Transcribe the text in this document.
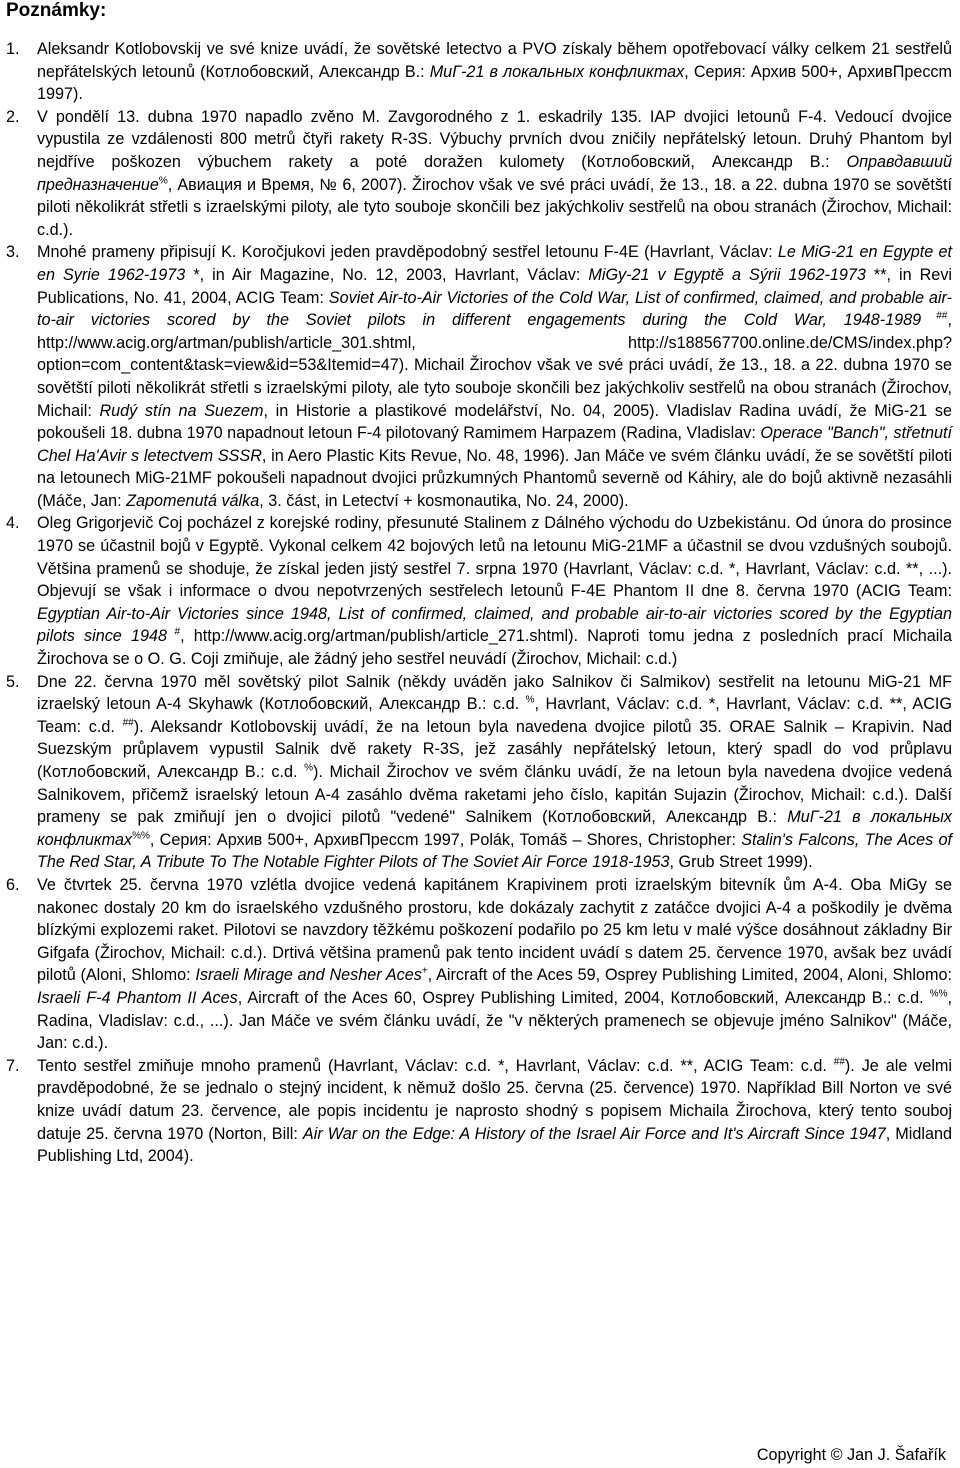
Poznámky:
1. Aleksandr Kotlobovskij ve své knize uvádí, že sovětské letectvo a PVO získaly během opotřebovací války celkem 21 sestřelů nepřátelských letounů (Котлобовский, Александр В.: МиГ-21 в локальных конфликтах, Серия: Архив 500+, АрхивПрессm 1997).
2. V pondělí 13. dubna 1970 napadlo zvěno M. Zavgorodného z 1. eskadrily 135. IAP dvojici letounů F-4. Vedoucí dvojice vypustila ze vzdálenosti 800 metrů čtyři rakety R-3S. Výbuchy prvních dvou zničily nepřátelský letoun. Druhý Phantom byl nejdříve poškozen výbuchem rakety a poté doražen kulomety (Котлобовский, Александр В.: Оправдавший предназначение%, Авиация и Время, № 6, 2007). Žirochov však ve své práci uvádí, že 13., 18. a 22. dubna 1970 se sovětští piloti několikrát střetli s izraelskými piloty, ale tyto souboje skončili bez jakýchkoliv sestřelů na obou stranách (Žirochov, Michail: c.d.).
3. Mnohé prameny připisují K. Koročjukovi jeden pravděpodobný sestřel letounu F-4E (Havrlant, Václav: Le MiG-21 en Egypte et en Syrie 1962-1973 *, in Air Magazine, No. 12, 2003, Havrlant, Václav: MiGy-21 v Egyptě a Sýrii 1962-1973 **, in Revi Publications, No. 41, 2004, ACIG Team: Soviet Air-to-Air Victories of the Cold War, List of confirmed, claimed, and probable air-to-air victories scored by the Soviet pilots in different engagements during the Cold War, 1948-1989 ##, http://www.acig.org/artman/publish/article_301.shtml, http://s188567700.online.de/CMS/index.php?option=com_content&task=view&id=53&Itemid=47). Michail Žirochov však ve své práci uvádí, že 13., 18. a 22. dubna 1970 se sovětští piloti několikrát střetli s izraelskými piloty, ale tyto souboje skončili bez jakýchkoliv sestřelů na obou stranách (Žirochov, Michail: Rudý stín na Suezem, in Historie a plastikové modelářství, No. 04, 2005). Vladislav Radina uvádí, že MiG-21 se pokoušeli 18. dubna 1970 napadnout letoun F-4 pilotovaný Ramimem Harpazem (Radina, Vladislav: Operace "Banch", střetnutí Chel Ha'Avir s letectvem SSSR, in Aero Plastic Kits Revue, No. 48, 1996). Jan Máče ve svém článku uvádí, že se sovětští piloti na letounech MiG-21MF pokoušeli napadnout dvojici průzkumných Phantomů severně od Káhiry, ale do bojů aktivně nezasáhli (Máče, Jan: Zapomenutá válka, 3. část, in Letectví + kosmonautika, No. 24, 2000).
4. Oleg Grigorjevič Coj pocházel z korejské rodiny, přesunuté Stalinem z Dálného východu do Uzbekistánu. Od února do prosince 1970 se účastnil bojů v Egyptě. Vykonal celkem 42 bojových letů na letounu MiG-21MF a účastnil se dvou vzdušných soubojů. Většina pramenů se shoduje, že získal jeden jistý sestřel 7. srpna 1970 (Havrlant, Václav: c.d. *, Havrlant, Václav: c.d. **, ...). Objevují se však i informace o dvou nepotvrzených sestřelech letounů F-4E Phantom II dne 8. června 1970 (ACIG Team: Egyptian Air-to-Air Victories since 1948, List of confirmed, claimed, and probable air-to-air victories scored by the Egyptian pilots since 1948 #, http://www.acig.org/artman/publish/article_271.shtml). Naproti tomu jedna z posledních prací Michaila Žirochova se o O. G. Coji zmiňuje, ale žádný jeho sestřel neuvádí (Žirochov, Michail: c.d.)
5. Dne 22. června 1970 měl sovětský pilot Salnik (někdy uváděn jako Salnikov či Salmikov) sestřelit na letounu MiG-21 MF izraelský letoun A-4 Skyhawk (Котлобовский, Александр В.: c.d. %, Havrlant, Václav: c.d. *, Havrlant, Václav: c.d. **, ACIG Team: c.d. ##). Aleksandr Kotlobovskij uvádí, že na letoun byla navedena dvojice pilotů 35. ORAE Salnik – Krapivin. Nad Suezským průplavem vypustil Salnik dvě rakety R-3S, jež zasáhly nepřátelský letoun, který spadl do vod průplavu (Котлобовский, Александр В.: c.d. %). Michail Žirochov ve svém článku uvádí, že na letoun byla navedena dvojice vedená Salnikovem, přičemž israelský letoun A-4 zasáhlo dvěma raketami jeho číslo, kapitán Sujazin (Žirochov, Michail: c.d.). Další prameny se pak zmiňují jen o dvojici pilotů "vedené" Salnikem (Котлобовский, Александр В.: МиГ-21 в локальных конфликтах%%, Серия: Архив 500+, АрхивПрессm 1997, Polák, Tomáš – Shores, Christopher: Stalin's Falcons, The Aces of The Red Star, A Tribute To The Notable Fighter Pilots of The Soviet Air Force 1918-1953, Grub Street 1999).
6. Ve čtvrtek 25. června 1970 vzlétla dvojice vedená kapitánem Krapivinem proti izraelským bitevník ům A-4. Oba MiGy se nakonec dostaly 20 km do israelského vzdušného prostoru, kde dokázaly zachytit z zatáčce dvojici A-4 a poškodily je dvěma blízkými explozemi raket. Pilotovi se navzdory těžkému poškození podařilo po 25 km letu v malé výšce dosáhnout základny Bir Gifgafa (Žirochov, Michail: c.d.). Drtivá většina pramenů pak tento incident uvádí s datem 25. července 1970, avšak bez uvádí pilotů (Aloni, Shlomo: Israeli Mirage and Nesher Aces+, Aircraft of the Aces 59, Osprey Publishing Limited, 2004, Aloni, Shlomo: Israeli F-4 Phantom II Aces, Aircraft of the Aces 60, Osprey Publishing Limited, 2004, Котлобовский, Александр В.: c.d. %%, Radina, Vladislav: c.d., ...). Jan Máče ve svém článku uvádí, že "v některých pramenech se objevuje jméno Salnikov" (Máče, Jan: c.d.).
7. Tento sestřel zmiňuje mnoho pramenů (Havrlant, Václav: c.d. *, Havrlant, Václav: c.d. **, ACIG Team: c.d. ##). Je ale velmi pravděpodobné, že se jednalo o stejný incident, k němuž došlo 25. června (25. července) 1970. Například Bill Norton ve své knize uvádí datum 23. července, ale popis incidentu je naprosto shodný s popisem Michaila Žirochova, který tento souboj datuje 25. června 1970 (Norton, Bill: Air War on the Edge: A History of the Israel Air Force and It's Aircraft Since 1947, Midland Publishing Ltd, 2004).
Copyright © Jan J. Šafařík
